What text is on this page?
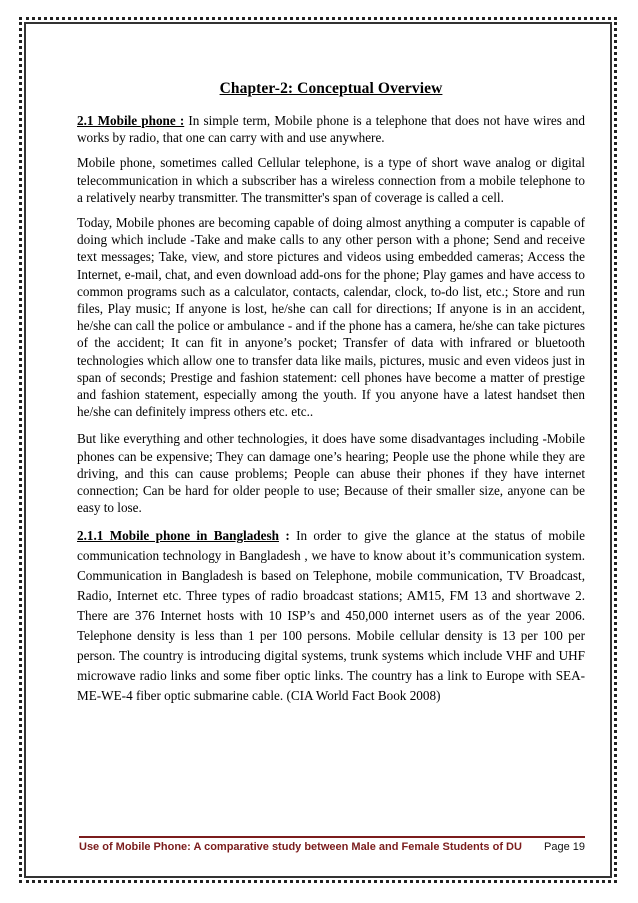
Chapter-2: Conceptual Overview

2.1 Mobile phone : In simple term, Mobile phone is a telephone that does not have wires and works by radio, that one can carry with and use anywhere.

Mobile phone, sometimes called Cellular telephone, is a type of short wave analog or digital telecommunication in which a subscriber has a wireless connection from a mobile telephone to a relatively nearby transmitter. The transmitter's span of coverage is called a cell.

Today, Mobile phones are becoming capable of doing almost anything a computer is capable of doing which include -Take and make calls to any other person with a phone; Send and receive text messages; Take, view, and store pictures and videos using embedded cameras; Access the Internet, e-mail, chat, and even download add-ons for the phone; Play games and have access to common programs such as a calculator, contacts, calendar, clock, to-do list, etc.; Store and run files, Play music; If anyone is lost, he/she can call for directions; If anyone is in an accident, he/she can call the police or ambulance - and if the phone has a camera, he/she can take pictures of the accident; It can fit in anyone’s pocket; Transfer of data with infrared or bluetooth technologies which allow one to transfer data like mails, pictures, music and even videos just in span of seconds; Prestige and fashion statement: cell phones have become a matter of prestige and fashion statement, especially among the youth. If you anyone have a latest handset then he/she can definitely impress others etc. etc..

But like everything and other technologies, it does have some disadvantages including -Mobile phones can be expensive; They can damage one’s hearing; People use the phone while they are driving, and this can cause problems; People can abuse their phones if they have internet connection; Can be hard for older people to use; Because of their smaller size, anyone can be easy to lose.

2.1.1 Mobile phone in Bangladesh : In order to give the glance at the status of mobile communication technology in Bangladesh , we have to know about it’s communication system. Communication in Bangladesh is based on Telephone, mobile communication, TV Broadcast, Radio, Internet etc. Three types of radio broadcast stations; AM15, FM 13 and shortwave 2. There are 376 Internet hosts with 10 ISP’s and 450,000 internet users as of the year 2006. Telephone density is less than 1 per 100 persons. Mobile cellular density is 13 per 100 per person. The country is introducing digital systems, trunk systems which include VHF and UHF microwave radio links and some fiber optic links. The country has a link to Europe with SEA-ME-WE-4 fiber optic submarine cable. (CIA World Fact Book 2008)

Use of Mobile Phone: A comparative study between Male and Female Students of DU Page 19
